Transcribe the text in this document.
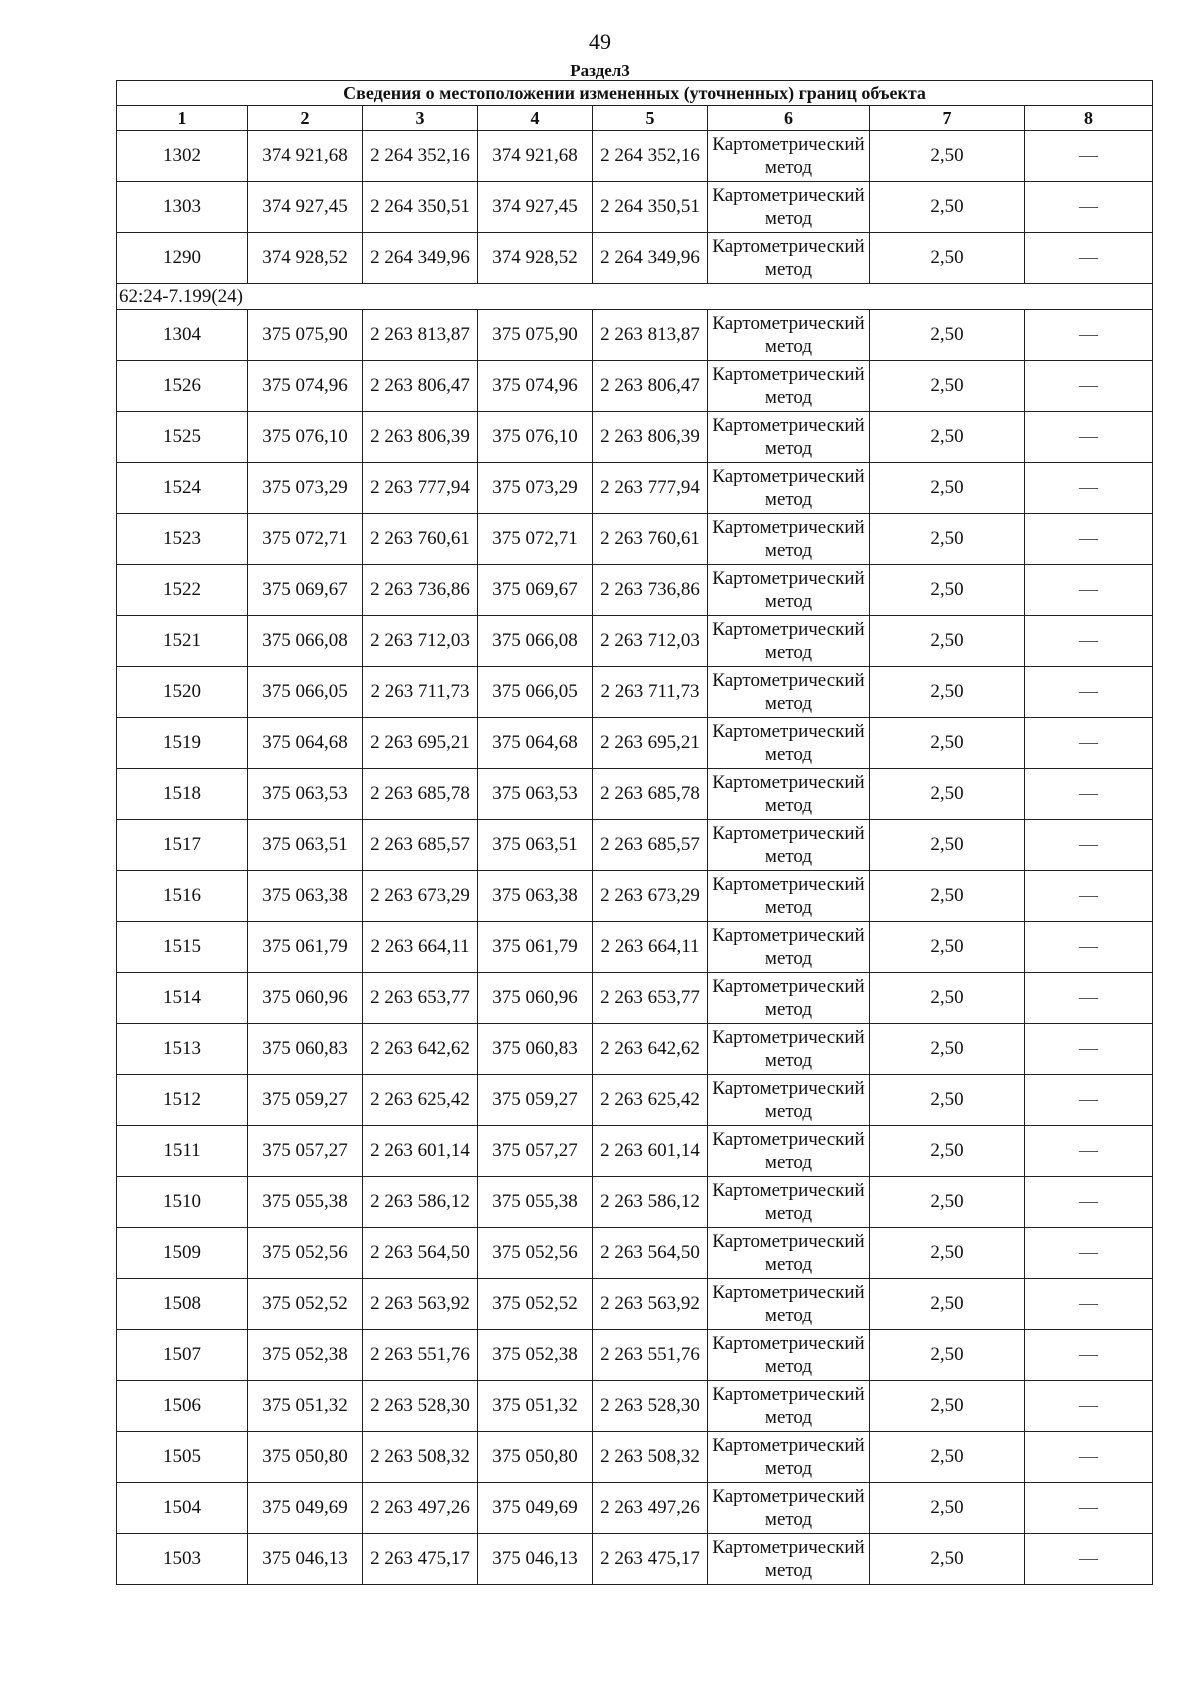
49
Раздел3
Сведения о местоположении измененных (уточненных) границ объекта							
1	2	3	4	5	6	7	8
1302	374 921,68	2 264 352,16	374 921,68	2 264 352,16	Картометрический метод	2,50	—
1303	374 927,45	2 264 350,51	374 927,45	2 264 350,51	Картометрический метод	2,50	—
1290	374 928,52	2 264 349,96	374 928,52	2 264 349,96	Картометрический метод	2,50	—
62:24-7.199(24)							
1304	375 075,90	2 263 813,87	375 075,90	2 263 813,87	Картометрический метод	2,50	—
1526	375 074,96	2 263 806,47	375 074,96	2 263 806,47	Картометрический метод	2,50	—
1525	375 076,10	2 263 806,39	375 076,10	2 263 806,39	Картометрический метод	2,50	—
1524	375 073,29	2 263 777,94	375 073,29	2 263 777,94	Картометрический метод	2,50	—
1523	375 072,71	2 263 760,61	375 072,71	2 263 760,61	Картометрический метод	2,50	—
1522	375 069,67	2 263 736,86	375 069,67	2 263 736,86	Картометрический метод	2,50	—
1521	375 066,08	2 263 712,03	375 066,08	2 263 712,03	Картометрический метод	2,50	—
1520	375 066,05	2 263 711,73	375 066,05	2 263 711,73	Картометрический метод	2,50	—
1519	375 064,68	2 263 695,21	375 064,68	2 263 695,21	Картометрический метод	2,50	—
1518	375 063,53	2 263 685,78	375 063,53	2 263 685,78	Картометрический метод	2,50	—
1517	375 063,51	2 263 685,57	375 063,51	2 263 685,57	Картометрический метод	2,50	—
1516	375 063,38	2 263 673,29	375 063,38	2 263 673,29	Картометрический метод	2,50	—
1515	375 061,79	2 263 664,11	375 061,79	2 263 664,11	Картометрический метод	2,50	—
1514	375 060,96	2 263 653,77	375 060,96	2 263 653,77	Картометрический метод	2,50	—
1513	375 060,83	2 263 642,62	375 060,83	2 263 642,62	Картометрический метод	2,50	—
1512	375 059,27	2 263 625,42	375 059,27	2 263 625,42	Картометрический метод	2,50	—
1511	375 057,27	2 263 601,14	375 057,27	2 263 601,14	Картометрический метод	2,50	—
1510	375 055,38	2 263 586,12	375 055,38	2 263 586,12	Картометрический метод	2,50	—
1509	375 052,56	2 263 564,50	375 052,56	2 263 564,50	Картометрический метод	2,50	—
1508	375 052,52	2 263 563,92	375 052,52	2 263 563,92	Картометрический метод	2,50	—
1507	375 052,38	2 263 551,76	375 052,38	2 263 551,76	Картометрический метод	2,50	—
1506	375 051,32	2 263 528,30	375 051,32	2 263 528,30	Картометрический метод	2,50	—
1505	375 050,80	2 263 508,32	375 050,80	2 263 508,32	Картометрический метод	2,50	—
1504	375 049,69	2 263 497,26	375 049,69	2 263 497,26	Картометрический метод	2,50	—
1503	375 046,13	2 263 475,17	375 046,13	2 263 475,17	Картометрический метод	2,50	—
